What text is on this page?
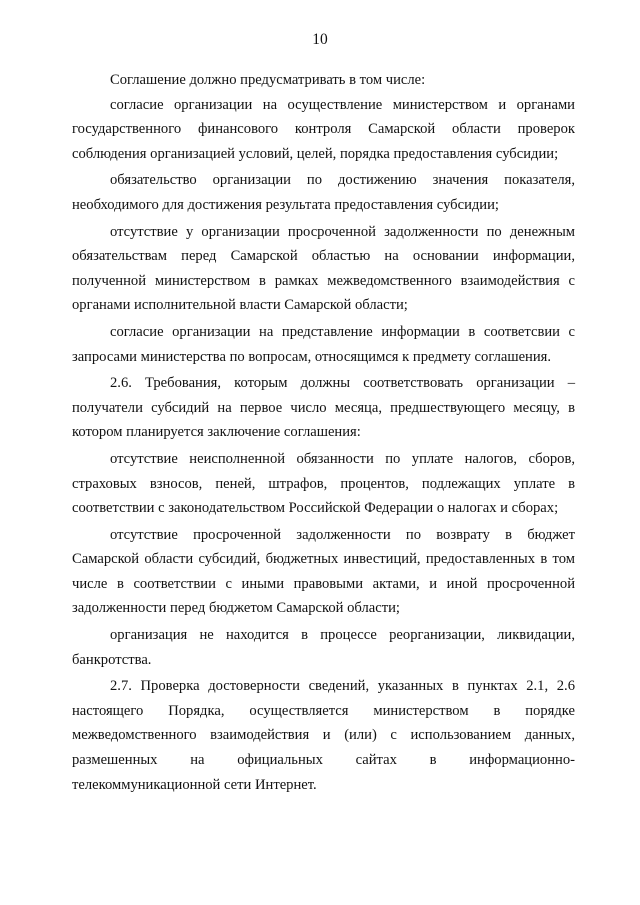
10

Соглашение должно предусматривать в том числе:

согласие организации на осуществление министерством и органами государственного финансового контроля Самарской области проверок соблюдения организацией условий, целей, порядка предоставления субсидии;

обязательство организации по достижению значения показателя, необходимого для достижения результата предоставления субсидии;

отсутствие у организации просроченной задолженности по денежным обязательствам перед Самарской областью на основании информации, полученной министерством в рамках межведомственного взаимодействия с органами исполнительной власти Самарской области;

согласие организации на представление информации в соответсвии с запросами министерства по вопросам, относящимся к предмету соглашения.

2.6. Требования, которым должны соответствовать организации – получатели субсидий на первое число месяца, предшествующего месяцу, в котором планируется заключение соглашения:

отсутствие неисполненной обязанности по уплате налогов, сборов, страховых взносов, пеней, штрафов, процентов, подлежащих уплате в соответствии с законодательством Российской Федерации о налогах и сборах;

отсутствие просроченной задолженности по возврату в бюджет Самарской области субсидий, бюджетных инвестиций, предоставленных в том числе в соответствии с иными правовыми актами, и иной просроченной задолженности перед бюджетом Самарской области;

организация не находится в процессе реорганизации, ликвидации, банкротства.

2.7. Проверка достоверности сведений, указанных в пунктах 2.1, 2.6 настоящего Порядка, осуществляется министерством в порядке межведомственного взаимодействия и (или) с использованием данных, размешенных на официальных сайтах в информационно-телекоммуникационной сети Интернет.
